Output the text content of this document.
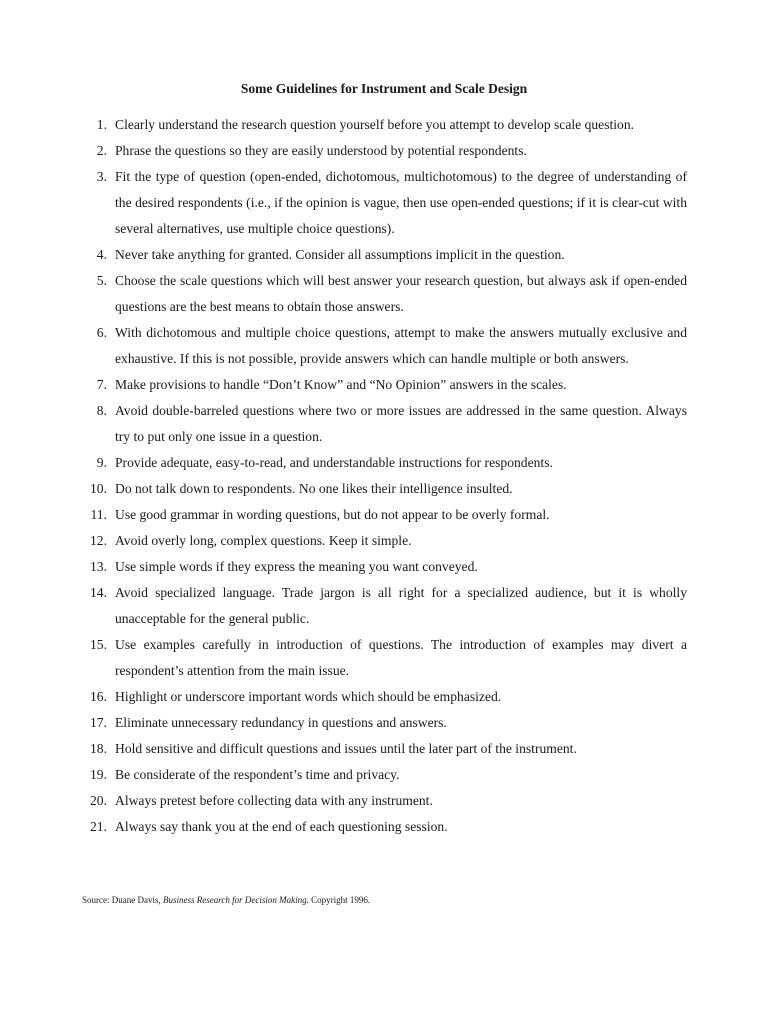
Some Guidelines for Instrument and Scale Design
1. Clearly understand the research question yourself before you attempt to develop scale question.
2. Phrase the questions so they are easily understood by potential respondents.
3. Fit the type of question (open-ended, dichotomous, multichotomous) to the degree of understanding of the desired respondents (i.e., if the opinion is vague, then use open-ended questions; if it is clear-cut with several alternatives, use multiple choice questions).
4. Never take anything for granted. Consider all assumptions implicit in the question.
5. Choose the scale questions which will best answer your research question, but always ask if open-ended questions are the best means to obtain those answers.
6. With dichotomous and multiple choice questions, attempt to make the answers mutually exclusive and exhaustive. If this is not possible, provide answers which can handle multiple or both answers.
7. Make provisions to handle “Don’t Know” and “No Opinion” answers in the scales.
8. Avoid double-barreled questions where two or more issues are addressed in the same question. Always try to put only one issue in a question.
9. Provide adequate, easy-to-read, and understandable instructions for respondents.
10. Do not talk down to respondents. No one likes their intelligence insulted.
11. Use good grammar in wording questions, but do not appear to be overly formal.
12. Avoid overly long, complex questions. Keep it simple.
13. Use simple words if they express the meaning you want conveyed.
14. Avoid specialized language. Trade jargon is all right for a specialized audience, but it is wholly unacceptable for the general public.
15. Use examples carefully in introduction of questions. The introduction of examples may divert a respondent’s attention from the main issue.
16. Highlight or underscore important words which should be emphasized.
17. Eliminate unnecessary redundancy in questions and answers.
18. Hold sensitive and difficult questions and issues until the later part of the instrument.
19. Be considerate of the respondent’s time and privacy.
20. Always pretest before collecting data with any instrument.
21. Always say thank you at the end of each questioning session.
Source: Duane Davis, Business Research for Decision Making. Copyright 1996.
